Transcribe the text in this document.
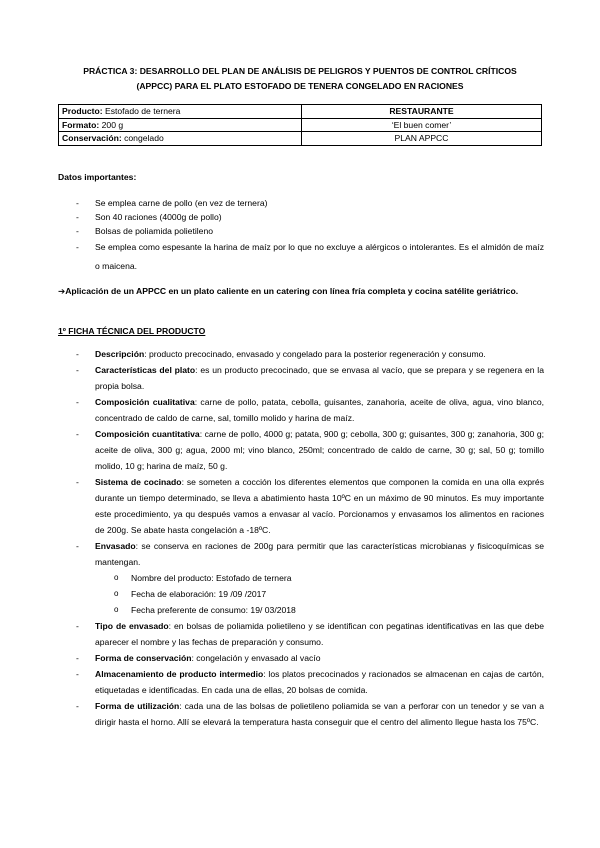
PRÁCTICA 3: DESARROLLO DEL PLAN DE ANÁLISIS DE PELIGROS Y PUENTOS DE CONTROL CRÍTICOS
(APPCC) PARA EL PLATO ESTOFADO DE TENERA CONGELADO EN RACIONES
Producto: Estofado de ternera	RESTAURANTE
Formato: 200 g	‘El buen comer’
Conservación: congelado	PLAN APPCC
Datos importantes:
- Se emplea carne de pollo (en vez de ternera)
- Son 40 raciones (4000g de pollo)
- Bolsas de poliamida polietileno
- Se emplea como espesante la harina de maíz por lo que no excluye a alérgicos o intolerantes. Es el almidón de maíz o maicena.
➔Aplicación de un APPCC en un plato caliente en un catering con línea fría completa y cocina satélite geriátrico.
1º FICHA TÉCNICA DEL PRODUCTO
- Descripción: producto precocinado, envasado y congelado para la posterior regeneración y consumo.
- Características del plato: es un producto precocinado, que se envasa al vacío, que se prepara y se regenera en la propia bolsa.
- Composición cualitativa: carne de pollo, patata, cebolla, guisantes, zanahoria, aceite de oliva, agua, vino blanco, concentrado de caldo de carne, sal, tomillo molido y harina de maíz.
- Composición cuantitativa: carne de pollo, 4000 g; patata, 900 g; cebolla, 300 g; guisantes, 300 g; zanahoria, 300 g; aceite de oliva, 300 g; agua, 2000 ml; vino blanco, 250ml; concentrado de caldo de carne, 30 g; sal, 50 g; tomillo molido, 10 g; harina de maíz, 50 g.
- Sistema de cocinado: se someten a cocción los diferentes elementos que componen la comida en una olla exprés durante un tiempo determinado, se lleva a abatimiento hasta 10ºC en un máximo de 90 minutos. Es muy importante este procedimiento, ya qu después vamos a envasar al vacío. Porcionamos y envasamos los alimentos en raciones de 200g. Se abate hasta congelación a -18ºC.
- Envasado: se conserva en raciones de 200g para permitir que las características microbianas y fisicoquímicas se mantengan.
o Nombre del producto: Estofado de ternera
o Fecha de elaboración: 19 /09 /2017
o Fecha preferente de consumo: 19/ 03/2018
- Tipo de envasado: en bolsas de poliamida polietileno y se identifican con pegatinas identificativas en las que debe aparecer el nombre y las fechas de preparación y consumo.
- Forma de conservación: congelación y envasado al vacío
- Almacenamiento de producto intermedio: los platos precocinados y racionados se almacenan en cajas de cartón, etiquetadas e identificadas. En cada una de ellas, 20 bolsas de comida.
- Forma de utilización: cada una de las bolsas de polietileno poliamida se van a perforar con un tenedor y se van a dirigir hasta el horno. Allí se elevará la temperatura hasta conseguir que el centro del alimento llegue hasta los 75ºC.
